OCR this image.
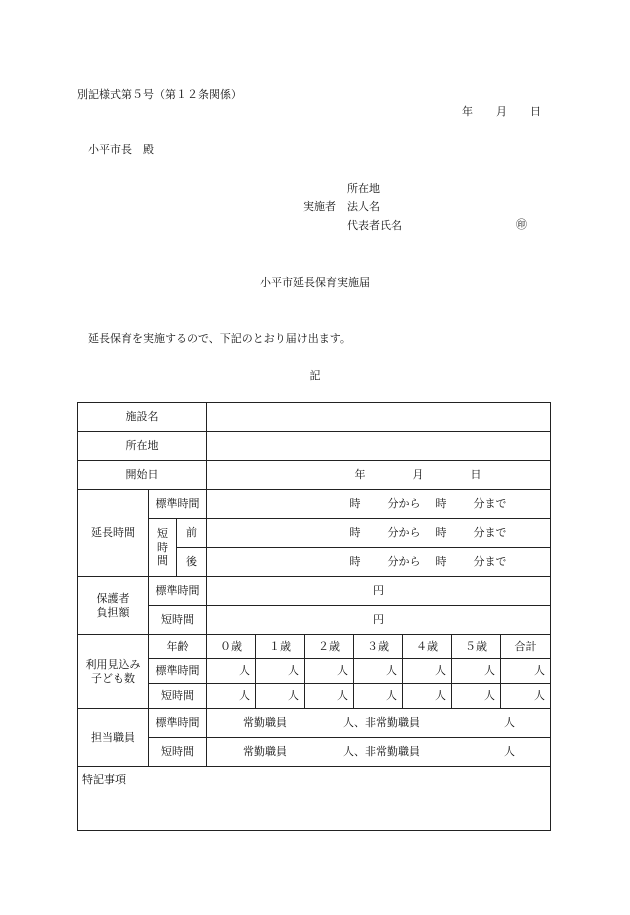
別記様式第５号（第１２条関係）
年 月 日
小平市長　殿
所在地
実施者 法人名
代表者氏名	㊞
小平市延長保育実施届
延長保育を実施するので、下記のとおり届け出ます。
記
施設名									
所在地									
開始日			年 月 日						
延長時間	標準時間		時 分から 時 分まで						

	短
時
間	前	時 分から 時 分まで						
		後	時 分から 時 分まで						

保護者
負担額	標準時間		円						
	短時間		円						

利用見込み
子ども数	年齢		０歳	１歳	２歳	３歳	４歳	５歳	合計
	標準時間		人	人	人	人	人	人	人
	短時間		人	人	人	人	人	人	人
担当職員	標準時間		常勤職員 人、非常勤職員 人						
	短時間		常勤職員 人、非常勤職員 人						
特記事項									
